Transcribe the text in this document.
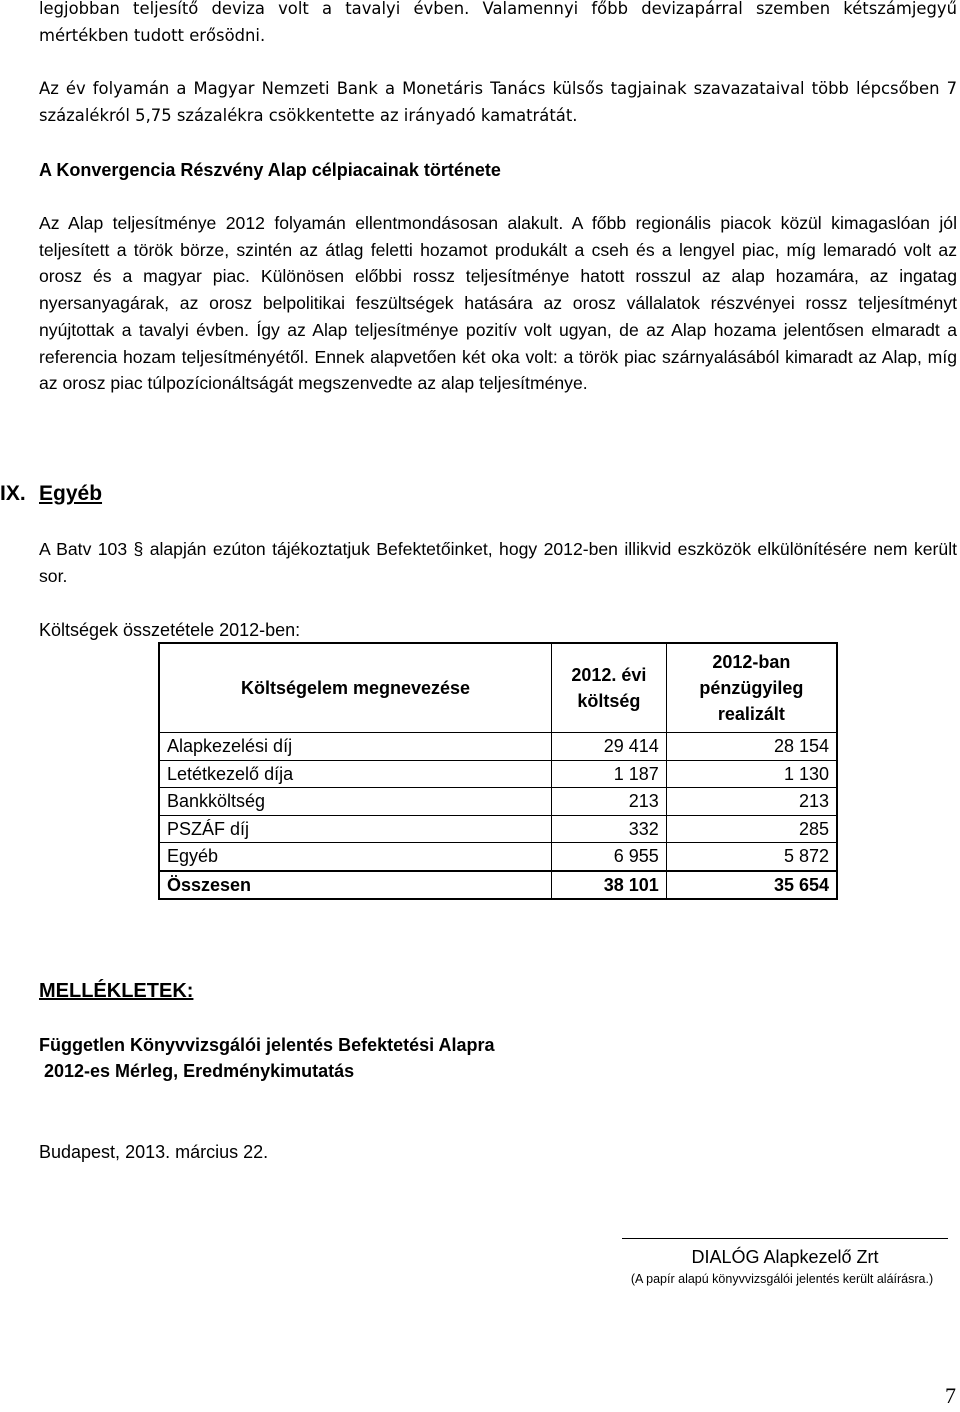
legjobban teljesítő deviza volt a tavalyi évben. Valamennyi főbb devizapárral szemben kétszámjegyű mértékben tudott erősödni.

Az év folyamán a Magyar Nemzeti Bank a Monetáris Tanács külsős tagjainak szavazataival több lépcsőben 7 százalékról 5,75 százalékra csökkentette az irányadó kamatrátát.

A Konvergencia Részvény Alap célpiacainak története

Az Alap teljesítménye 2012 folyamán ellentmondásosan alakult. A főbb regionális piacok közül kimagaslóan jól teljesített a török börze, szintén az átlag feletti hozamot produkált a cseh és a lengyel piac, míg lemaradó volt az orosz és a magyar piac. Különösen előbbi rossz teljesítménye hatott rosszul az alap hozamára, az ingatag nyersanyagárak, az orosz belpolitikai feszültségek hatására az orosz vállalatok részvényei rossz teljesítményt nyújtottak a tavalyi évben. Így az Alap teljesítménye pozitív volt ugyan, de az Alap hozama jelentősen elmaradt a referencia hozam teljesítményétől. Ennek alapvetően két oka volt: a török piac szárnyalásából kimaradt az Alap, míg az orosz piac túlpozícionáltságát megszenvedte az alap teljesítménye.

IX. Egyéb

A Batv 103 § alapján ezúton tájékoztatjuk Befektetőinket, hogy 2012-ben illikvid eszközök elkülönítésére nem került sor.

Költségek összetétele 2012-ben:

Költségelem megnevezése	2012. évi költség	2012-ban pénzügyileg realizált
Alapkezelési díj	29 414	28 154
Letétkezelő díja	1 187	1 130
Bankköltség	213	213
PSZÁF díj	332	285
Egyéb	6 955	5 872
Összesen	38 101	35 654

MELLÉKLETEK:

Független Könyvvizsgálói jelentés Befektetési Alapra

2012-es Mérleg, Eredménykimutatás

Budapest, 2013. március 22.

DIALÓG Alapkezelő Zrt

(A papír alapú könyvvizsgálói jelentés került aláírásra.)

7
